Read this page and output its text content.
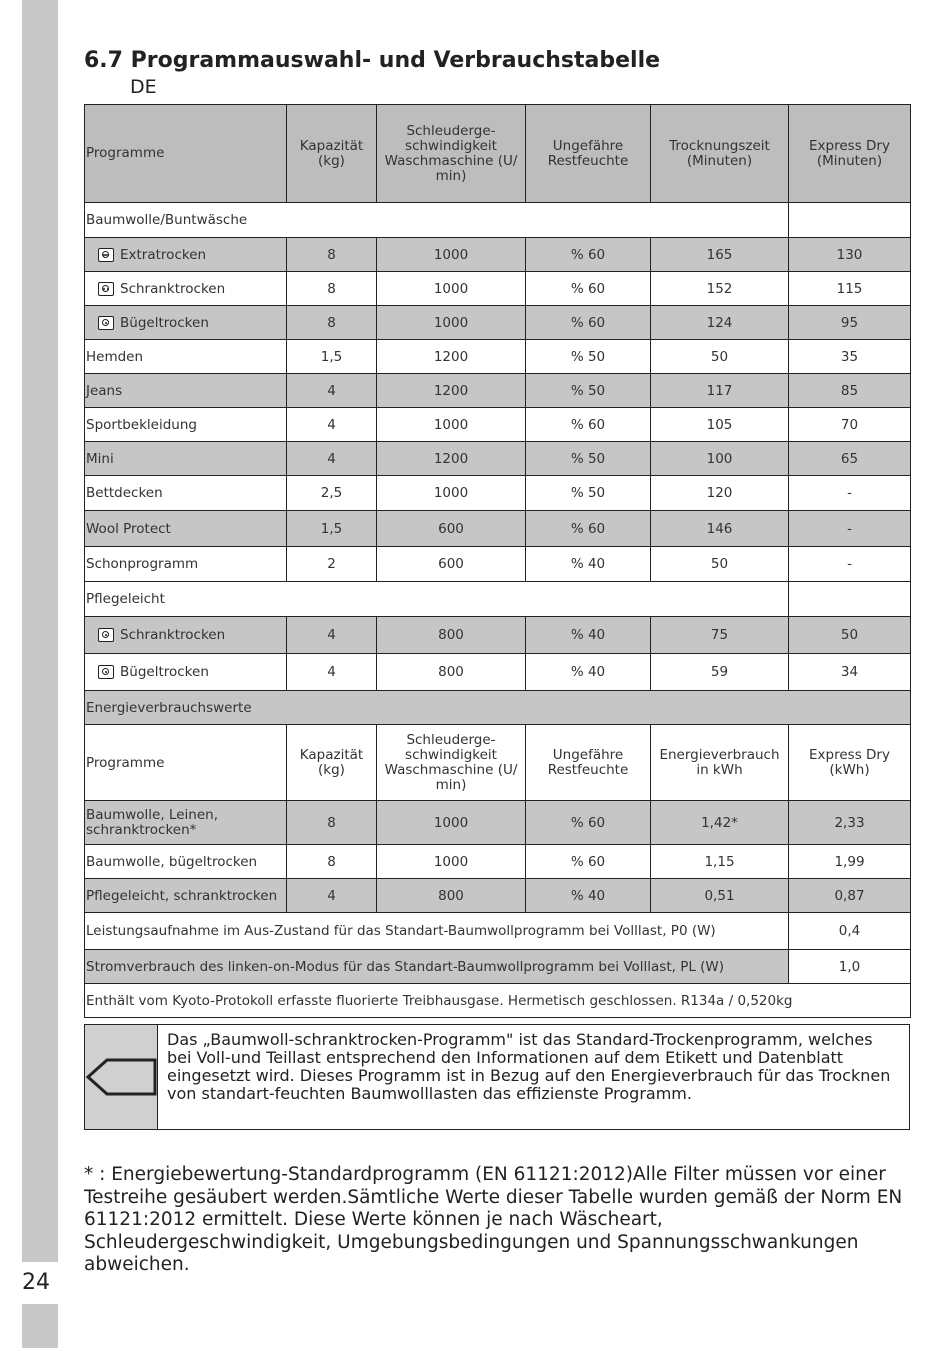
24
6.7 Programmauswahl- und Verbrauchstabelle
DE
Programme	Kapazität (kg)	Schleuderge-schwindigkeit Waschmaschine (U/ min)	Ungefähre Restfeuchte	Trocknungszeit (Minuten)	Express Dry (Minuten)
Baumwolle/Buntwäsche					

Extratrocken	8	1000	% 60	165	130

Schranktrocken	8	1000	% 60	152	115

Bügeltrocken	8	1000	% 60	124	95
Hemden	1,5	1200	% 50	50	35
Jeans	4	1200	% 50	117	85
Sportbekleidung	4	1000	% 60	105	70
Mini	4	1200	% 50	100	65
Bettdecken	2,5	1000	% 50	120	-
Wool Protect	1,5	600	% 60	146	-
Schonprogramm	2	600	% 40	50	-
Pflegeleicht					

Schranktrocken	4	800	% 40	75	50

Bügeltrocken	4	800	% 40	59	34
Energieverbrauchswerte					
Programme	Kapazität (kg)	Schleuderge-schwindigkeit Waschmaschine (U/ min)	Ungefähre Restfeuchte	Energieverbrauch in kWh	Express Dry (kWh)
Baumwolle, Leinen, schranktrocken*	8	1000	% 60	1,42*	2,33
Baumwolle, bügeltrocken	8	1000	% 60	1,15	1,99
Pflegeleicht, schranktrocken	4	800	% 40	0,51	0,87
Leistungsaufnahme im Aus-Zustand für das Standart-Baumwollprogramm bei Volllast, P0 (W)					0,4
Stromverbrauch des linken-on-Modus für das Standart-Baumwollprogramm bei Volllast, PL (W)					1,0
Enthält vom Kyoto-Protokoll erfasste fluorierte Treibhausgase. Hermetisch geschlossen. R134a / 0,520kg					
Das „Baumwoll-schranktrocken-Programm" ist das Standard-Trockenprogramm, welches bei Voll-und Teillast entsprechend den Informationen auf dem Etikett und Datenblatt eingesetzt wird. Dieses Programm ist in Bezug auf den Energieverbrauch für das Trocknen von standart-feuchten Baumwolllasten das effizienste Programm.
* : Energiebewertung-Standardprogramm (EN 61121:2012)Alle Filter müssen vor einer Testreihe gesäubert werden.Sämtliche Werte dieser Tabelle wurden gemäß der Norm EN 61121:2012 ermittelt. Diese Werte können je nach Wäscheart, Schleudergeschwindigkeit, Umgebungsbedingungen und Spannungsschwankungen abweichen.
